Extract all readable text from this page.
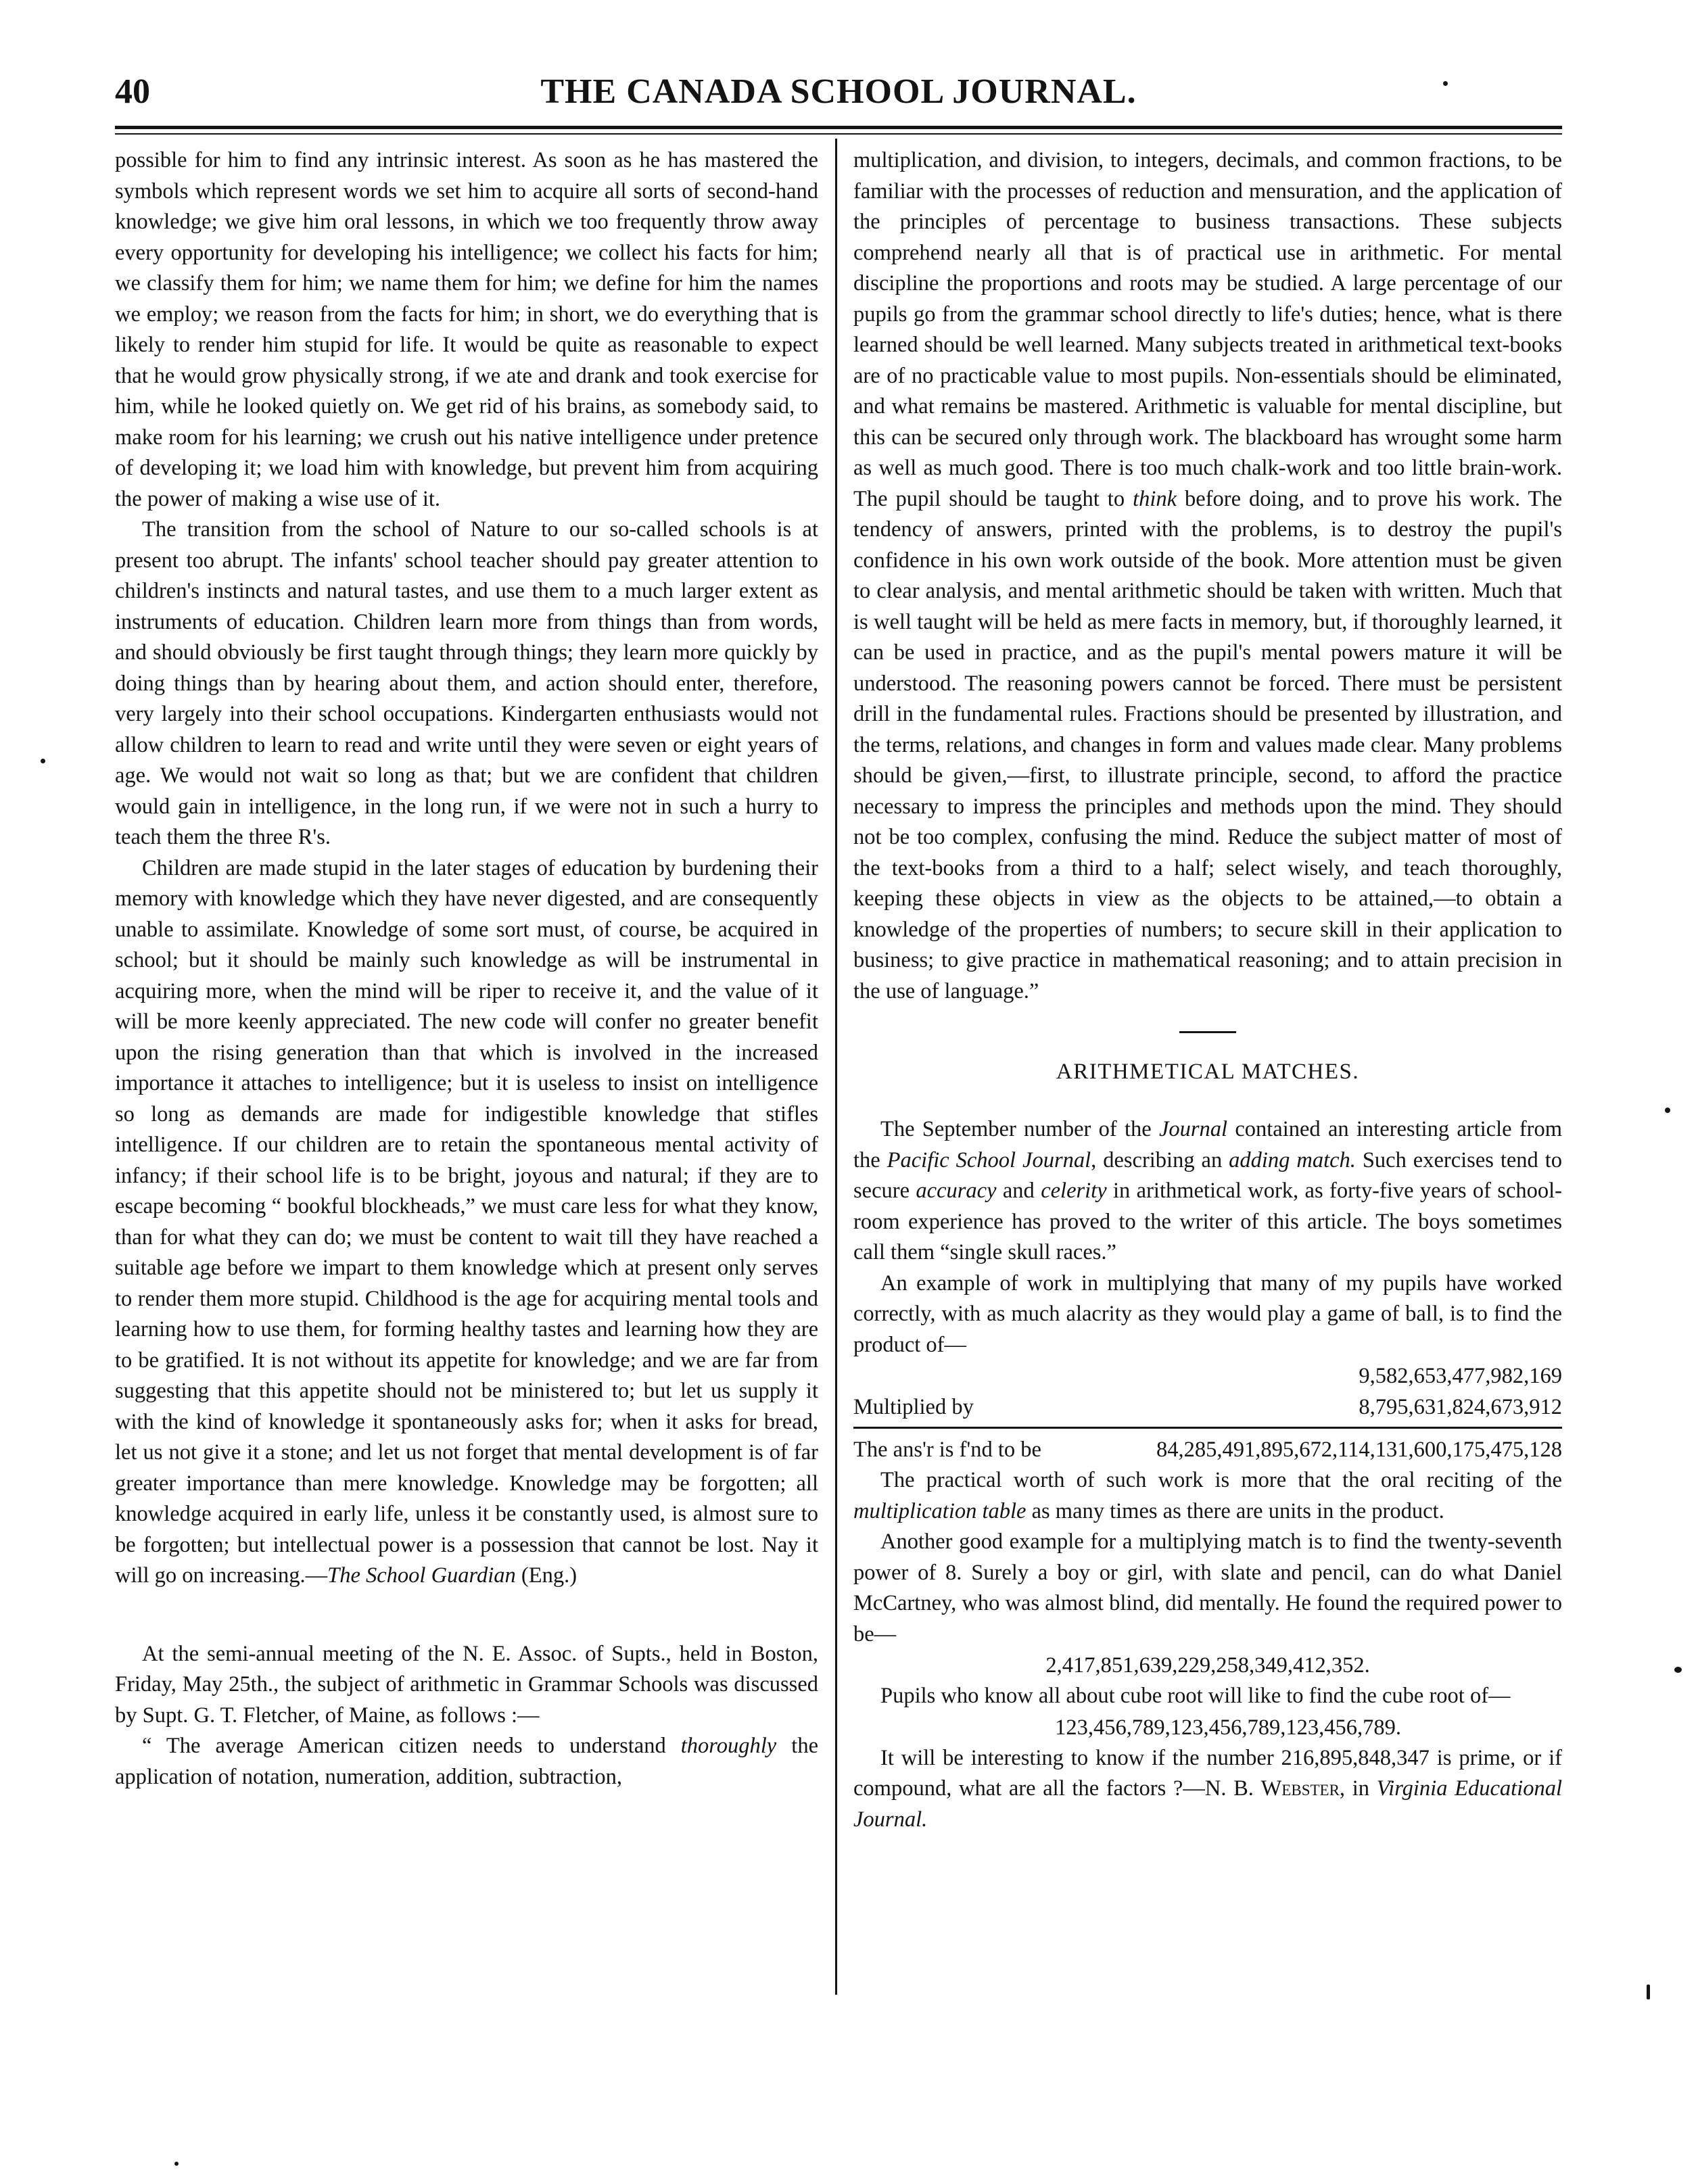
40	THE CANADA SCHOOL JOURNAL.

possible for him to find any intrinsic interest. As soon as he has mastered the symbols which represent words we set him to acquire all sorts of second-hand knowledge; we give him oral lessons, in which we too frequently throw away every opportunity for developing his intelligence; we collect his facts for him; we classify them for him; we name them for him; we define for him the names we employ; we reason from the facts for him; in short, we do everything that is likely to render him stupid for life. It would be quite as reasonable to expect that he would grow physically strong, if we ate and drank and took exercise for him, while he looked quietly on. We get rid of his brains, as somebody said, to make room for his learning; we crush out his native intelligence under pretence of developing it; we load him with knowledge, but prevent him from acquiring the power of making a wise use of it.

The transition from the school of Nature to our so-called schools is at present too abrupt. The infants' school teacher should pay greater attention to children's instincts and natural tastes, and use them to a much larger extent as instruments of education. Children learn more from things than from words, and should obviously be first taught through things; they learn more quickly by doing things than by hearing about them, and action should enter, therefore, very largely into their school occupations. Kindergarten enthusiasts would not allow children to learn to read and write until they were seven or eight years of age. We would not wait so long as that; but we are confident that children would gain in intelligence, in the long run, if we were not in such a hurry to teach them the three R's.

Children are made stupid in the later stages of education by burdening their memory with knowledge which they have never digested, and are consequently unable to assimilate. Knowledge of some sort must, of course, be acquired in school; but it should be mainly such knowledge as will be instrumental in acquiring more, when the mind will be riper to receive it, and the value of it will be more keenly appreciated. The new code will confer no greater benefit upon the rising generation than that which is involved in the increased importance it attaches to intelligence; but it is useless to insist on intelligence so long as demands are made for indigestible knowledge that stifles intelligence. If our children are to retain the spontaneous mental activity of infancy; if their school life is to be bright, joyous and natural; if they are to escape becoming “ bookful blockheads,” we must care less for what they know, than for what they can do; we must be content to wait till they have reached a suitable age before we impart to them knowledge which at present only serves to render them more stupid. Childhood is the age for acquiring mental tools and learning how to use them, for forming healthy tastes and learning how they are to be gratified. It is not without its appetite for knowledge; and we are far from suggesting that this appetite should not be ministered to; but let us supply it with the kind of knowledge it spontaneously asks for; when it asks for bread, let us not give it a stone; and let us not forget that mental development is of far greater importance than mere knowledge. Knowledge may be forgotten; all knowledge acquired in early life, unless it be constantly used, is almost sure to be forgotten; but intellectual power is a possession that cannot be lost. Nay it will go on increasing.—The School Guardian (Eng.)

At the semi-annual meeting of the N. E. Assoc. of Supts., held in Boston, Friday, May 25th., the subject of arithmetic in Grammar Schools was discussed by Supt. G. T. Fletcher, of Maine, as follows :—

“ The average American citizen needs to understand thoroughly the application of notation, numeration, addition, subtraction,

multiplication, and division, to integers, decimals, and common fractions, to be familiar with the processes of reduction and mensuration, and the application of the principles of percentage to business transactions. These subjects comprehend nearly all that is of practical use in arithmetic. For mental discipline the proportions and roots may be studied. A large percentage of our pupils go from the grammar school directly to life's duties; hence, what is there learned should be well learned. Many subjects treated in arithmetical text-books are of no practicable value to most pupils. Non-essentials should be eliminated, and what remains be mastered. Arithmetic is valuable for mental discipline, but this can be secured only through work. The blackboard has wrought some harm as well as much good. There is too much chalk-work and too little brain-work. The pupil should be taught to think before doing, and to prove his work. The tendency of answers, printed with the problems, is to destroy the pupil's confidence in his own work outside of the book. More attention must be given to clear analysis, and mental arithmetic should be taken with written. Much that is well taught will be held as mere facts in memory, but, if thoroughly learned, it can be used in practice, and as the pupil's mental powers mature it will be understood. The reasoning powers cannot be forced. There must be persistent drill in the fundamental rules. Fractions should be presented by illustration, and the terms, relations, and changes in form and values made clear. Many problems should be given,—first, to illustrate principle, second, to afford the practice necessary to impress the principles and methods upon the mind. They should not be too complex, confusing the mind. Reduce the subject matter of most of the text-books from a third to a half; select wisely, and teach thoroughly, keeping these objects in view as the objects to be attained,—to obtain a knowledge of the properties of numbers; to secure skill in their application to business; to give practice in mathematical reasoning; and to attain precision in the use of language.”

ARITHMETICAL MATCHES.

The September number of the Journal contained an interesting article from the Pacific School Journal, describing an adding match. Such exercises tend to secure accuracy and celerity in arithmetical work, as forty-five years of school-room experience has proved to the writer of this article. The boys sometimes call them “single skull races.”

An example of work in multiplying that many of my pupils have worked correctly, with as much alacrity as they would play a game of ball, is to find the product of—

9,582,653,477,982,169
Multiplied by	8,795,631,824,673,912
The ans'r is f'nd to be	84,285,491,895,672,114,131,600,175,475,128

The practical worth of such work is more that the oral reciting of the multiplication table as many times as there are units in the product.

Another good example for a multiplying match is to find the twenty-seventh power of 8. Surely a boy or girl, with slate and pencil, can do what Daniel McCartney, who was almost blind, did mentally. He found the required power to be—

2,417,851,639,229,258,349,412,352.

Pupils who know all about cube root will like to find the cube root of—

123,456,789,123,456,789,123,456,789.

It will be interesting to know if the number 216,895,848,347 is prime, or if compound, what are all the factors ?—N. B. Webster, in Virginia Educational Journal.
